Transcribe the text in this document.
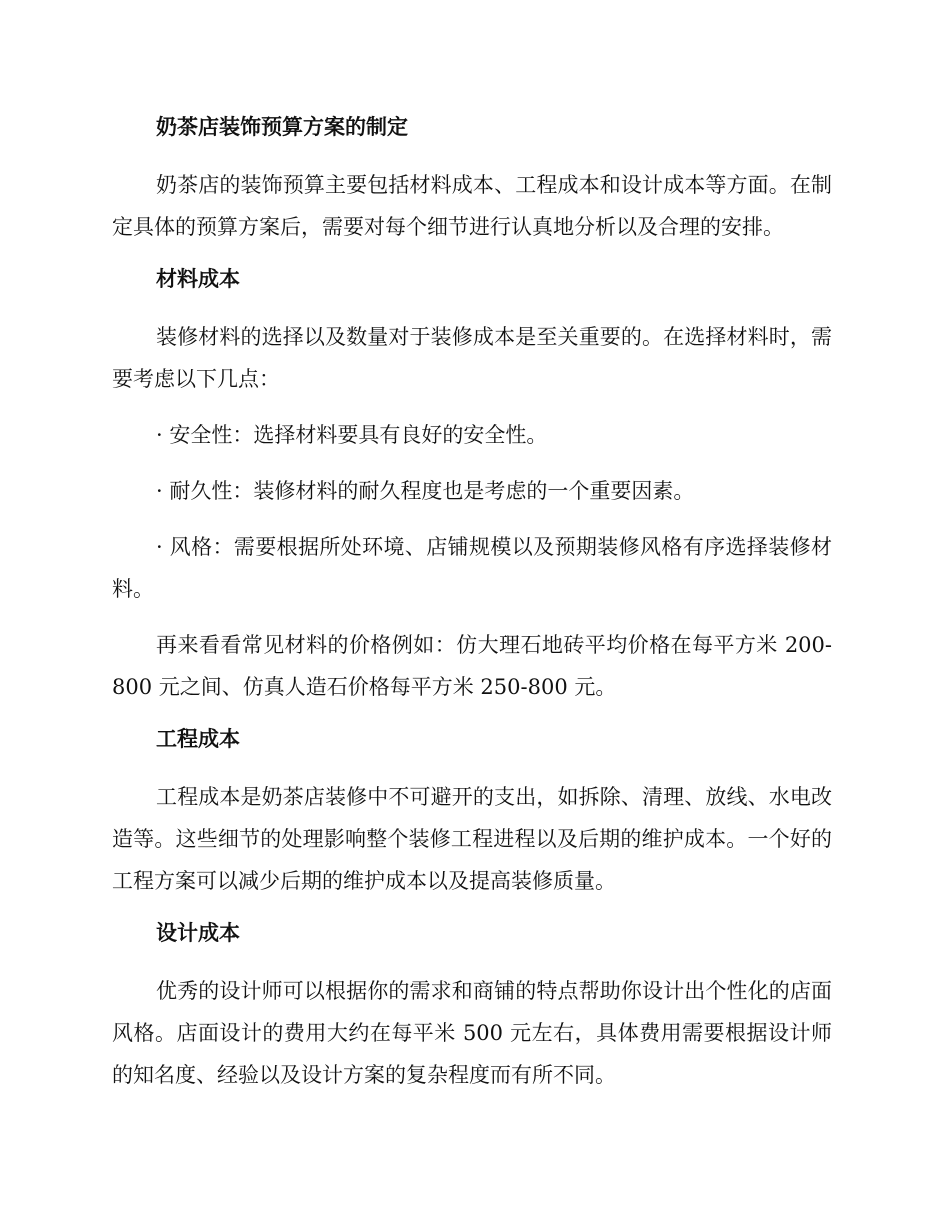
奶茶店装饰预算方案的制定

奶茶店的装饰预算主要包括材料成本、工程成本和设计成本等方面。在制定具体的预算方案后，需要对每个细节进行认真地分析以及合理的安排。

材料成本

装修材料的选择以及数量对于装修成本是至关重要的。在选择材料时，需要考虑以下几点：

· 安全性：选择材料要具有良好的安全性。

· 耐久性：装修材料的耐久程度也是考虑的一个重要因素。

· 风格：需要根据所处环境、店铺规模以及预期装修风格有序选择装修材料。

再来看看常见材料的价格例如：仿大理石地砖平均价格在每平方米 200-800 元之间、仿真人造石价格每平方米 250-800 元。

工程成本

工程成本是奶茶店装修中不可避开的支出，如拆除、清理、放线、水电改造等。这些细节的处理影响整个装修工程进程以及后期的维护成本。一个好的工程方案可以减少后期的维护成本以及提高装修质量。

设计成本

优秀的设计师可以根据你的需求和商铺的特点帮助你设计出个性化的店面风格。店面设计的费用大约在每平米 500 元左右，具体费用需要根据设计师的知名度、经验以及设计方案的复杂程度而有所不同。
